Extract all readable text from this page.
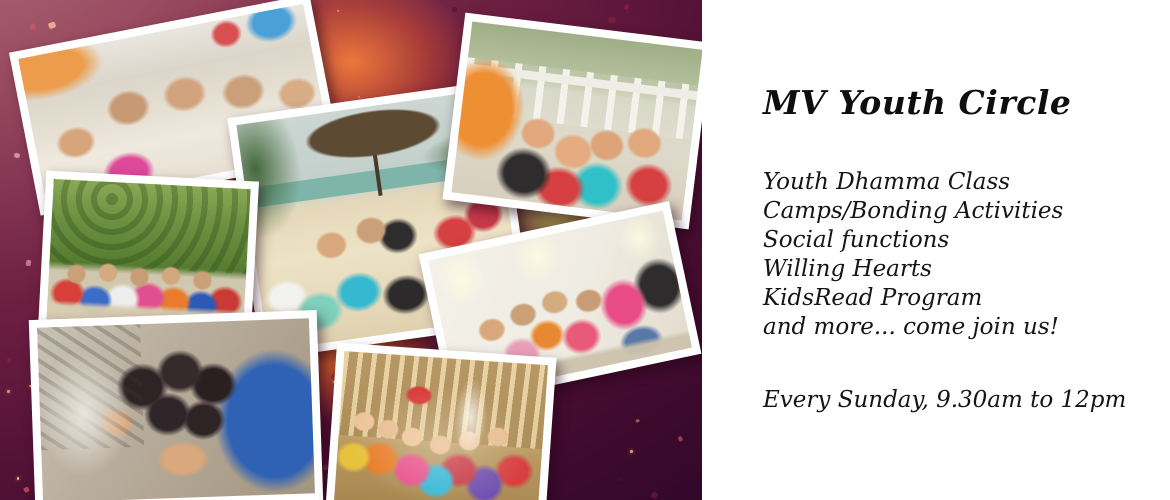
MV Youth Circle
Youth Dhamma Class
Camps/Bonding Activities
Social functions
Willing Hearts
KidsRead Program
and more... come join us!
Every Sunday, 9.30am to 12pm
